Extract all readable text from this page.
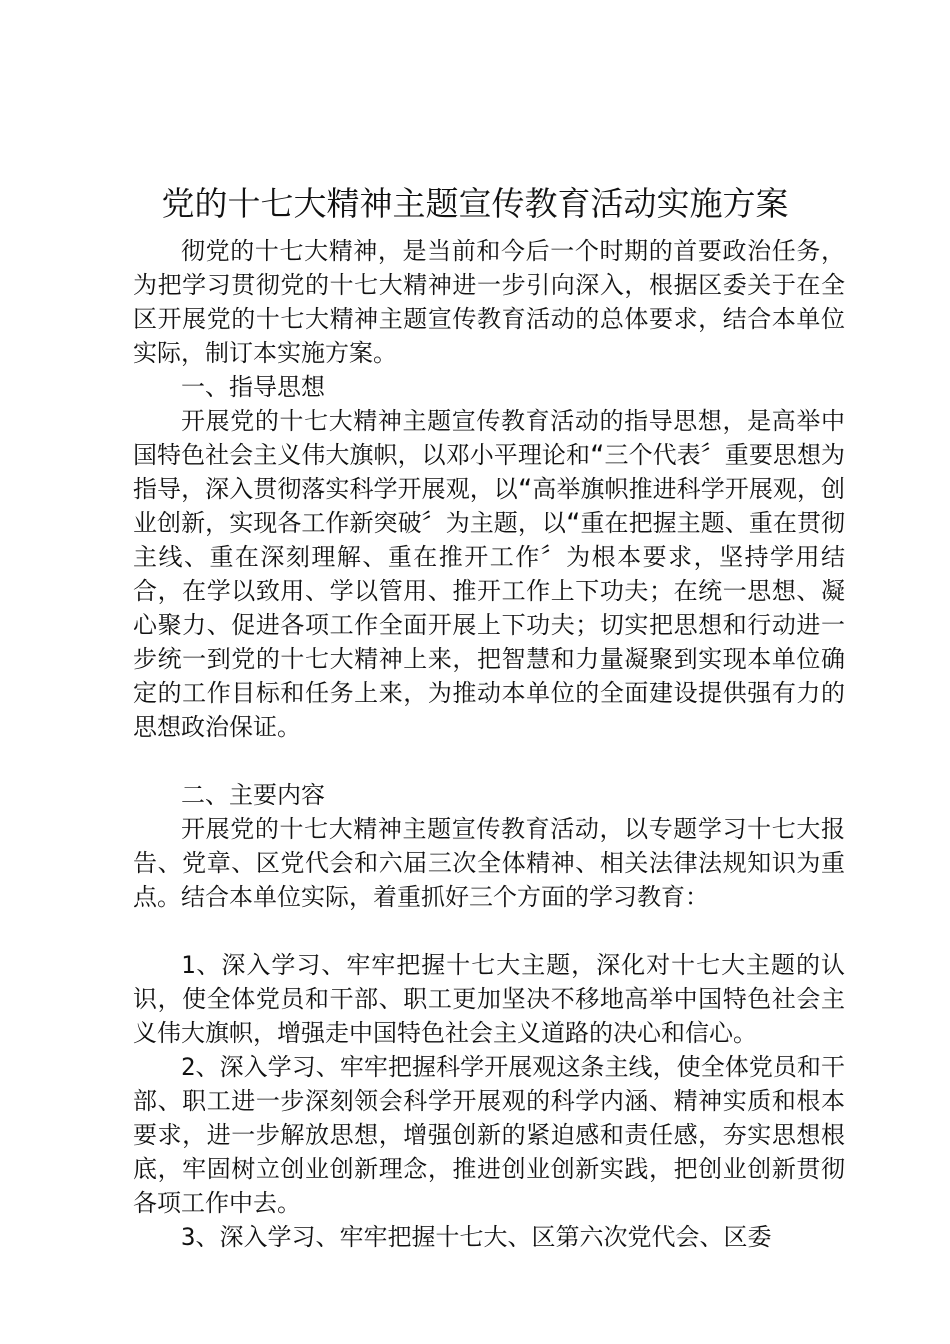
党的十七大精神主题宣传教育活动实施方案

彻党的十七大精神，是当前和今后一个时期的首要政治任务，为把学习贯彻党的十七大精神进一步引向深入，根据区委关于在全区开展党的十七大精神主题宣传教育活动的总体要求，结合本单位实际，制订本实施方案。

一、指导思想

开展党的十七大精神主题宣传教育活动的指导思想，是高举中国特色社会主义伟大旗帜，以邓小平理论和“三个代表〞重要思想为指导，深入贯彻落实科学开展观，以“高举旗帜推进科学开展观，创业创新，实现各工作新突破〞为主题，以“重在把握主题、重在贯彻主线、重在深刻理解、重在推开工作〞为根本要求，坚持学用结合，在学以致用、学以管用、推开工作上下功夫；在统一思想、凝心聚力、促进各项工作全面开展上下功夫；切实把思想和行动进一步统一到党的十七大精神上来，把智慧和力量凝聚到实现本单位确定的工作目标和任务上来，为推动本单位的全面建设提供强有力的思想政治保证。

二、主要内容

开展党的十七大精神主题宣传教育活动，以专题学习十七大报告、党章、区党代会和六届三次全体精神、相关法律法规知识为重点。结合本单位实际，着重抓好三个方面的学习教育：

1、深入学习、牢牢把握十七大主题，深化对十七大主题的认识，使全体党员和干部、职工更加坚决不移地高举中国特色社会主义伟大旗帜，增强走中国特色社会主义道路的决心和信心。

2、深入学习、牢牢把握科学开展观这条主线，使全体党员和干部、职工进一步深刻领会科学开展观的科学内涵、精神实质和根本要求，进一步解放思想，增强创新的紧迫感和责任感，夯实思想根底，牢固树立创业创新理念，推进创业创新实践，把创业创新贯彻各项工作中去。

3、深入学习、牢牢把握十七大、区第六次党代会、区委
